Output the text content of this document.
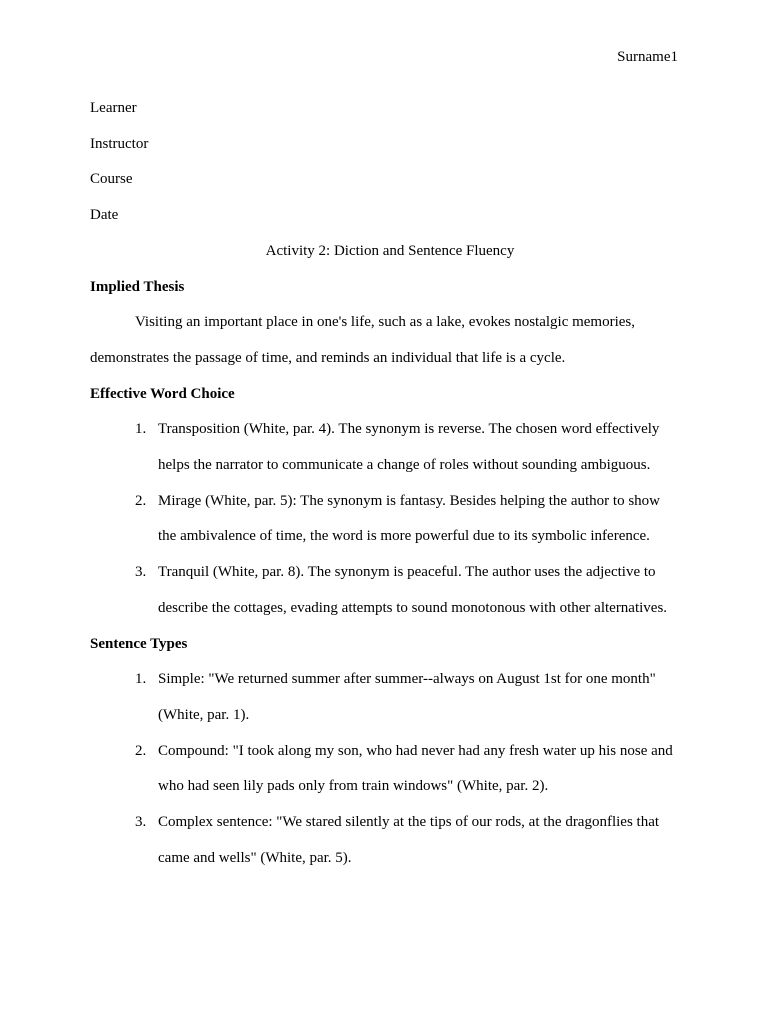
Surname1
Learner
Instructor
Course
Date
Activity 2: Diction and Sentence Fluency
Implied Thesis
Visiting an important place in one's life, such as a lake, evokes nostalgic memories,
demonstrates the passage of time, and reminds an individual that life is a cycle.
Effective Word Choice
1. Transposition (White, par. 4). The synonym is reverse. The chosen word effectively
helps the narrator to communicate a change of roles without sounding ambiguous.
2. Mirage (White, par. 5): The synonym is fantasy. Besides helping the author to show
the ambivalence of time, the word is more powerful due to its symbolic inference.
3. Tranquil (White, par. 8). The synonym is peaceful. The author uses the adjective to
describe the cottages, evading attempts to sound monotonous with other alternatives.
Sentence Types
1. Simple: "We returned summer after summer--always on August 1st for one month"
(White, par. 1).
2. Compound: "I took along my son, who had never had any fresh water up his nose and
who had seen lily pads only from train windows" (White, par. 2).
3. Complex sentence: "We stared silently at the tips of our rods, at the dragonflies that
came and wells" (White, par. 5).
